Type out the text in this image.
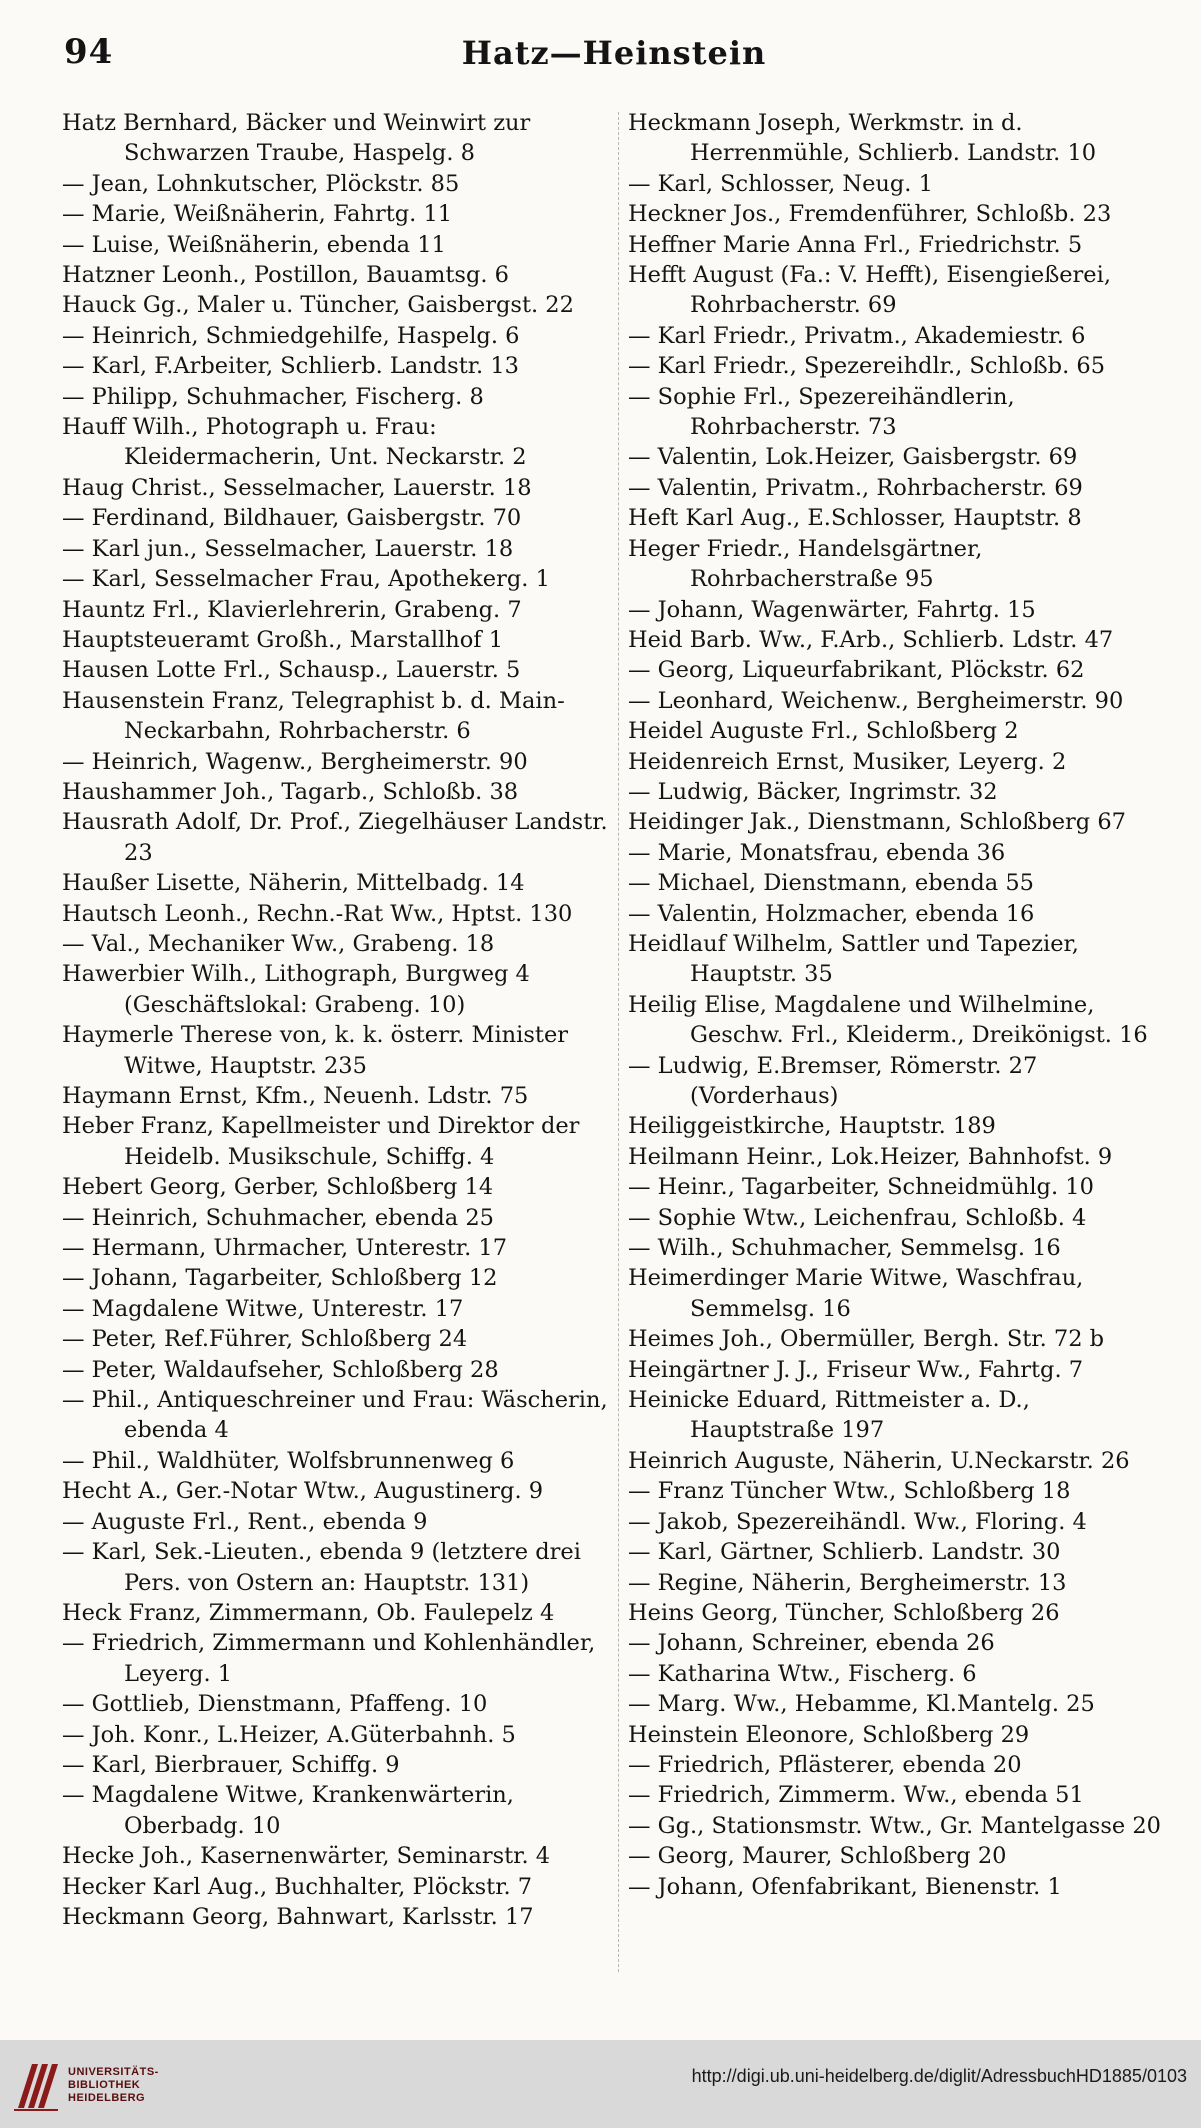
94	Hatz—Heinstein
Hatz Bernhard, Bäcker und Weinwirt zur Schwarzen Traube, Haspelg. 8
— Jean, Lohnkutscher, Plöckstr. 85
— Marie, Weißnäherin, Fahrtg. 11
— Luise, Weißnäherin, ebenda 11
Hatzner Leonh., Postillon, Bauamtsg. 6
Hauck Gg., Maler u. Tüncher, Gaisbergst. 22
— Heinrich, Schmiedgehilfe, Haspelg. 6
— Karl, F.Arbeiter, Schlierb. Landstr. 13
— Philipp, Schuhmacher, Fischerg. 8
Hauff Wilh., Photograph u. Frau: Kleidermacherin, Unt. Neckarstr. 2
Haug Christ., Sesselmacher, Lauerstr. 18
— Ferdinand, Bildhauer, Gaisbergstr. 70
— Karl jun., Sesselmacher, Lauerstr. 18
— Karl, Sesselmacher Frau, Apothekerg. 1
Hauntz Frl., Klavierlehrerin, Grabeng. 7
Hauptsteueramt Großh., Marstallhof 1
Hausen Lotte Frl., Schausp., Lauerstr. 5
Hausenstein Franz, Telegraphist b. d. Main-Neckarbahn, Rohrbacherstr. 6
— Heinrich, Wagenw., Bergheimerstr. 90
Haushammer Joh., Tagarb., Schloßb. 38
Hausrath Adolf, Dr. Prof., Ziegelhäuser Landstr. 23
Haußer Lisette, Näherin, Mittelbadg. 14
Hautsch Leonh., Rechn.-Rat Ww., Hptst. 130
— Val., Mechaniker Ww., Grabeng. 18
Hawerbier Wilh., Lithograph, Burgweg 4 (Geschäftslokal: Grabeng. 10)
Haymerle Therese von, k. k. österr. Minister Witwe, Hauptstr. 235
Haymann Ernst, Kfm., Neuenh. Ldstr. 75
Heber Franz, Kapellmeister und Direktor der Heidelb. Musikschule, Schiffg. 4
Hebert Georg, Gerber, Schloßberg 14
— Heinrich, Schuhmacher, ebenda 25
— Hermann, Uhrmacher, Unterestr. 17
— Johann, Tagarbeiter, Schloßberg 12
— Magdalene Witwe, Unterestr. 17
— Peter, Ref.Führer, Schloßberg 24
— Peter, Waldaufseher, Schloßberg 28
— Phil., Antiqueschreiner und Frau: Wäscherin, ebenda 4
— Phil., Waldhüter, Wolfsbrunnenweg 6
Hecht A., Ger.-Notar Wtw., Augustinerg. 9
— Auguste Frl., Rent., ebenda 9
— Karl, Sek.-Lieuten., ebenda 9 (letztere drei Pers. von Ostern an: Hauptstr. 131)
Heck Franz, Zimmermann, Ob. Faulepelz 4
— Friedrich, Zimmermann und Kohlenhändler, Leyerg. 1
— Gottlieb, Dienstmann, Pfaffeng. 10
— Joh. Konr., L.Heizer, A.Güterbahnh. 5
— Karl, Bierbrauer, Schiffg. 9
— Magdalene Witwe, Krankenwärterin, Oberbadg. 10
Hecke Joh., Kasernenwärter, Seminarstr. 4
Hecker Karl Aug., Buchhalter, Plöckstr. 7
Heckmann Georg, Bahnwart, Karlsstr. 17
Heckmann Joseph, Werkmstr. in d. Herrenmühle, Schlierb. Landstr. 10
— Karl, Schlosser, Neug. 1
Heckner Jos., Fremdenführer, Schloßb. 23
Heffner Marie Anna Frl., Friedrichstr. 5
Hefft August (Fa.: V. Hefft), Eisengießerei, Rohrbacherstr. 69
— Karl Friedr., Privatm., Akademiestr. 6
— Karl Friedr., Spezereihdlr., Schloßb. 65
— Sophie Frl., Spezereihändlerin, Rohrbacherstr. 73
— Valentin, Lok.Heizer, Gaisbergstr. 69
— Valentin, Privatm., Rohrbacherstr. 69
Heft Karl Aug., E.Schlosser, Hauptstr. 8
Heger Friedr., Handelsgärtner, Rohrbacherstraße 95
— Johann, Wagenwärter, Fahrtg. 15
Heid Barb. Ww., F.Arb., Schlierb. Ldstr. 47
— Georg, Liqueurfabrikant, Plöckstr. 62
— Leonhard, Weichenw., Bergheimerstr. 90
Heidel Auguste Frl., Schloßberg 2
Heidenreich Ernst, Musiker, Leyerg. 2
— Ludwig, Bäcker, Ingrimstr. 32
Heidinger Jak., Dienstmann, Schloßberg 67
— Marie, Monatsfrau, ebenda 36
— Michael, Dienstmann, ebenda 55
— Valentin, Holzmacher, ebenda 16
Heidlauf Wilhelm, Sattler und Tapezier, Hauptstr. 35
Heilig Elise, Magdalene und Wilhelmine, Geschw. Frl., Kleiderm., Dreikönigst. 16
— Ludwig, E.Bremser, Römerstr. 27 (Vorderhaus)
Heiliggeistkirche, Hauptstr. 189
Heilmann Heinr., Lok.Heizer, Bahnhofst. 9
— Heinr., Tagarbeiter, Schneidmühlg. 10
— Sophie Wtw., Leichenfrau, Schloßb. 4
— Wilh., Schuhmacher, Semmelsg. 16
Heimerdinger Marie Witwe, Waschfrau, Semmelsg. 16
Heimes Joh., Obermüller, Bergh. Str. 72 b
Heingärtner J. J., Friseur Ww., Fahrtg. 7
Heinicke Eduard, Rittmeister a. D., Hauptstraße 197
Heinrich Auguste, Näherin, U.Neckarstr. 26
— Franz Tüncher Wtw., Schloßberg 18
— Jakob, Spezereihändl. Ww., Floring. 4
— Karl, Gärtner, Schlierb. Landstr. 30
— Regine, Näherin, Bergheimerstr. 13
Heins Georg, Tüncher, Schloßberg 26
— Johann, Schreiner, ebenda 26
— Katharina Wtw., Fischerg. 6
— Marg. Ww., Hebamme, Kl.Mantelg. 25
Heinstein Eleonore, Schloßberg 29
— Friedrich, Pflästerer, ebenda 20
— Friedrich, Zimmerm. Ww., ebenda 51
— Gg., Stationsmstr. Wtw., Gr. Mantelgasse 20
— Georg, Maurer, Schloßberg 20
— Johann, Ofenfabrikant, Bienenstr. 1
UNIVERSITÄTS-
BIBLIOTHEK
HEIDELBERG
http://digi.ub.uni-heidelberg.de/diglit/AdressbuchHD1885/0103
